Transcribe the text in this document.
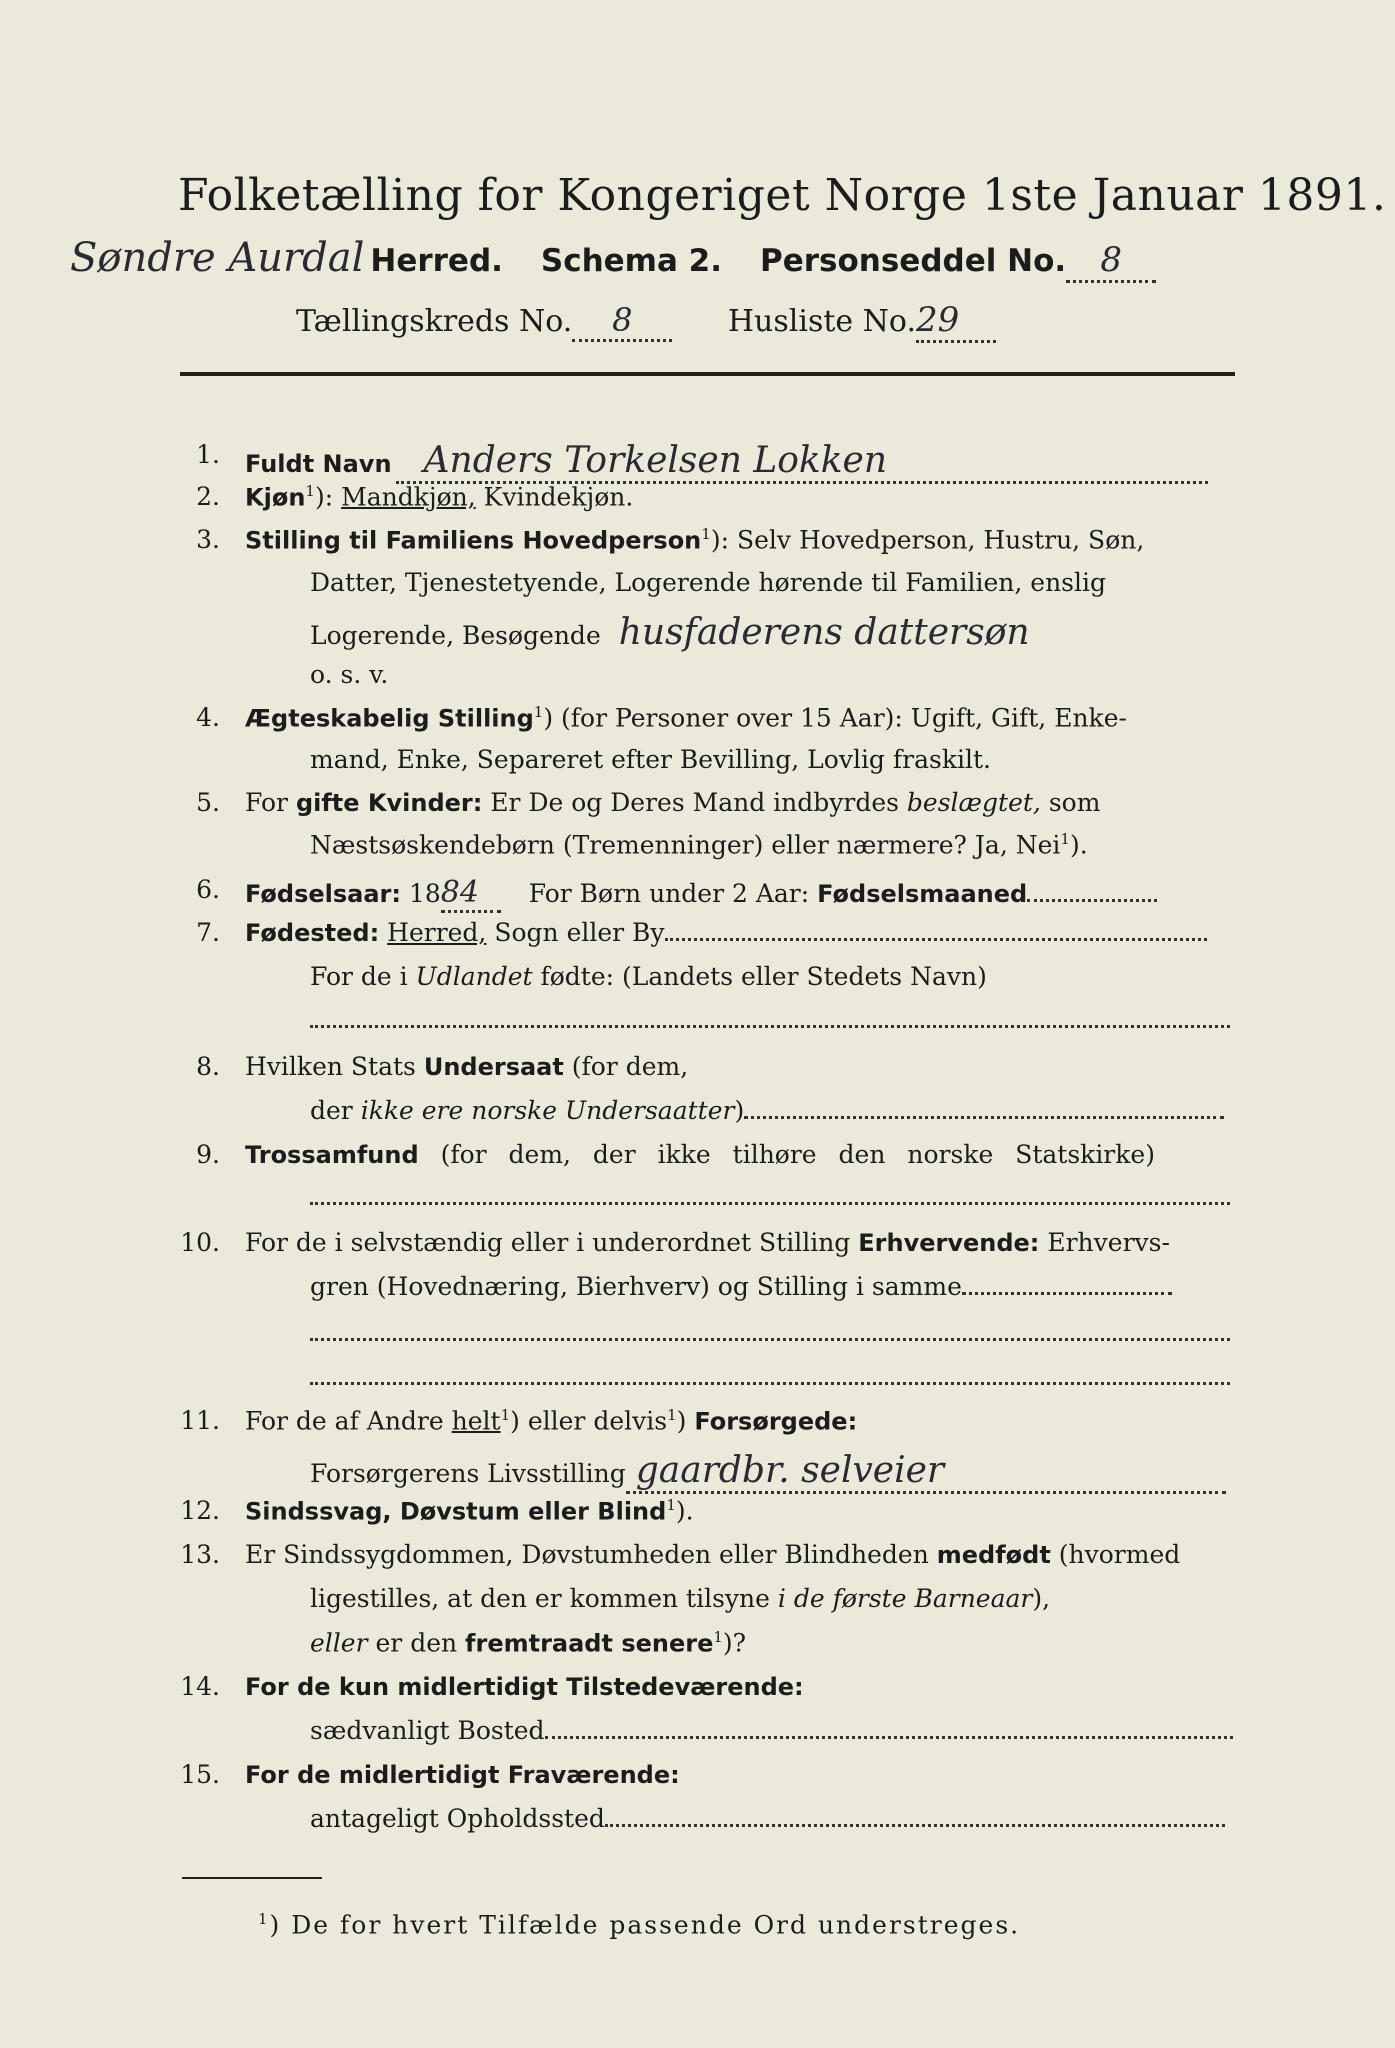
Folketælling for Kongeriget Norge 1ste Januar 1891.
Søndre Aurdal Herred. Schema 2. Personseddel No. 8
Tællingskreds No. 8	Husliste No.29
1. Fuldt Navn Anders Torkelsen Lokken
2. Kjøn$^1$): Mandkjøn, Kvindekjøn.
3. Stilling til Familiens Hovedperson$^1$): Selv Hovedperson, Hustru, Søn,
Datter, Tjenestetyende, Logerende hørende til Familien, enslig
Logerende, Besøgende husfaderens dattersøn
o. s. v.
4. Ægteskabelig Stilling$^1$) (for Personer over 15 Aar): Ugift, Gift, Enke-
mand, Enke, Separeret efter Bevilling, Lovlig fraskilt.
5. For gifte Kvinder: Er De og Deres Mand indbyrdes beslægtet, som
Næstsøskendebørn (Tremenninger) eller nærmere? Ja, Nei$^1$).
6. Fødselsaar: 1884 For Børn under 2 Aar: Fødselsmaaned
7. Fødested: Herred, Sogn eller By
For de i Udlandet fødte: (Landets eller Stedets Navn)
8. Hvilken Stats Undersaat (for dem,
der ikke ere norske Undersaatter)
9. Trossamfund (for dem, der ikke tilhøre den norske Statskirke)
10. For de i selvstændig eller i underordnet Stilling Erhvervende: Erhvervs-
gren (Hovednæring, Bierhverv) og Stilling i samme
11. For de af Andre helt$^1$) eller delvis$^1$) Forsørgede:
Forsørgerens Livsstilling gaardbr. selveier
12. Sindssvag, Døvstum eller Blind$^1$).
13. Er Sindssygdommen, Døvstumheden eller Blindheden medfødt (hvormed
ligestilles, at den er kommen tilsyne i de første Barneaar),
eller er den fremtraadt senere$^1$)?
14. For de kun midlertidigt Tilstedeværende:
sædvanligt Bosted
15. For de midlertidigt Fraværende:
antageligt Opholdssted
$^1$) De for hvert Tilfælde passende Ord understreges.
